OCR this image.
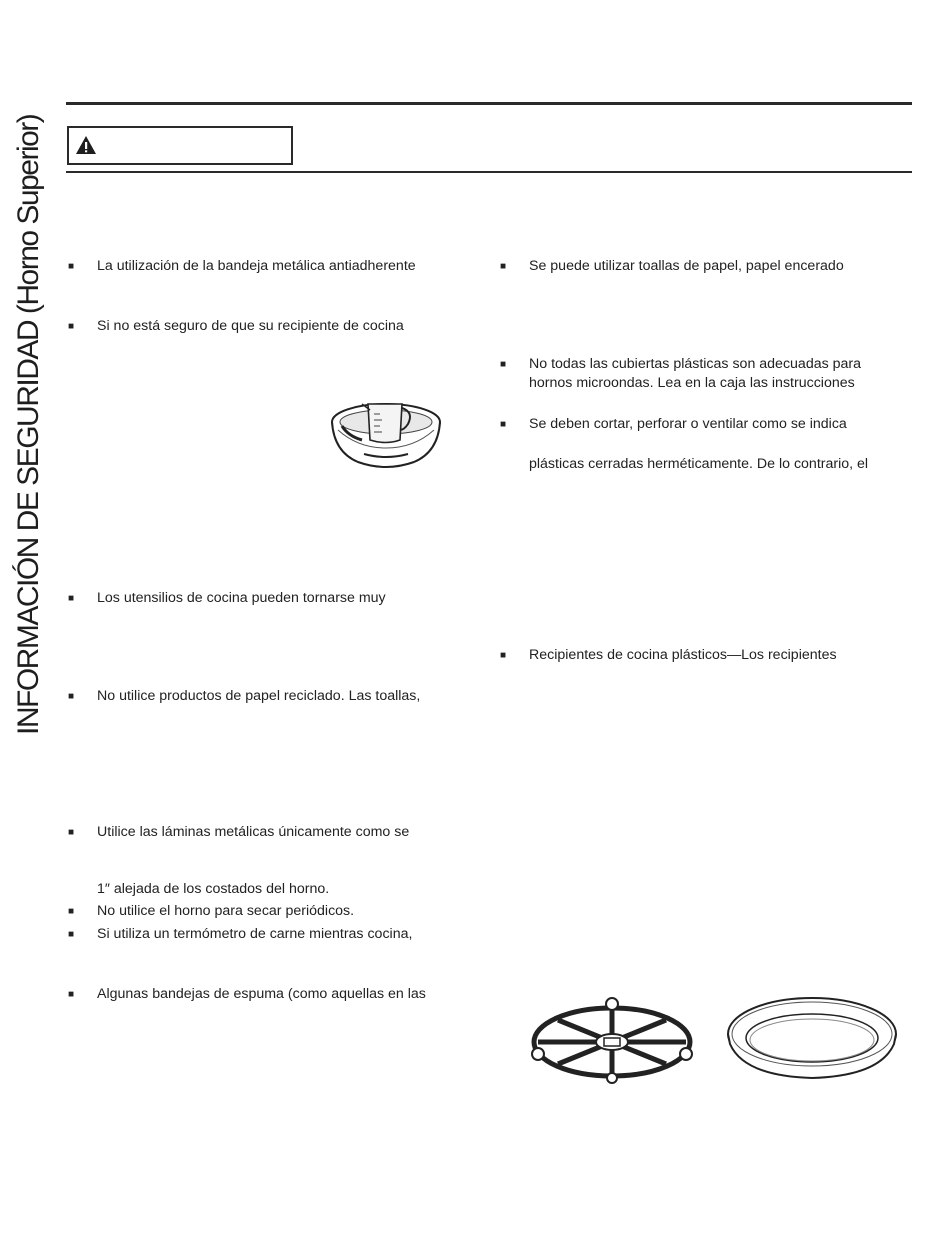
INFORMACIÓN DE SEGURIDAD (Horno Superior) ■ La utilización de la bandeja metálica antiadherente
■ Si no está seguro de que su recipiente de cocina
■ Los utensilios de cocina pueden tornarse muy
■ No utilice productos de papel reciclado. Las toallas,
■ Utilice las láminas metálicas únicamente como se
1″ alejada de los costados del horno.
■ No utilice el horno para secar periódicos.
■ Si utiliza un termómetro de carne mientras cocina,
■ Algunas bandejas de espuma (como aquellas en las
■ Se puede utilizar toallas de papel, papel encerado
■ No todas las cubiertas plásticas son adecuadas para
hornos microondas. Lea en la caja las instrucciones
■ Se deben cortar, perforar o ventilar como se indica
plásticas cerradas herméticamente. De lo contrario, el
■ Recipientes de cocina plásticos—Los recipientes
